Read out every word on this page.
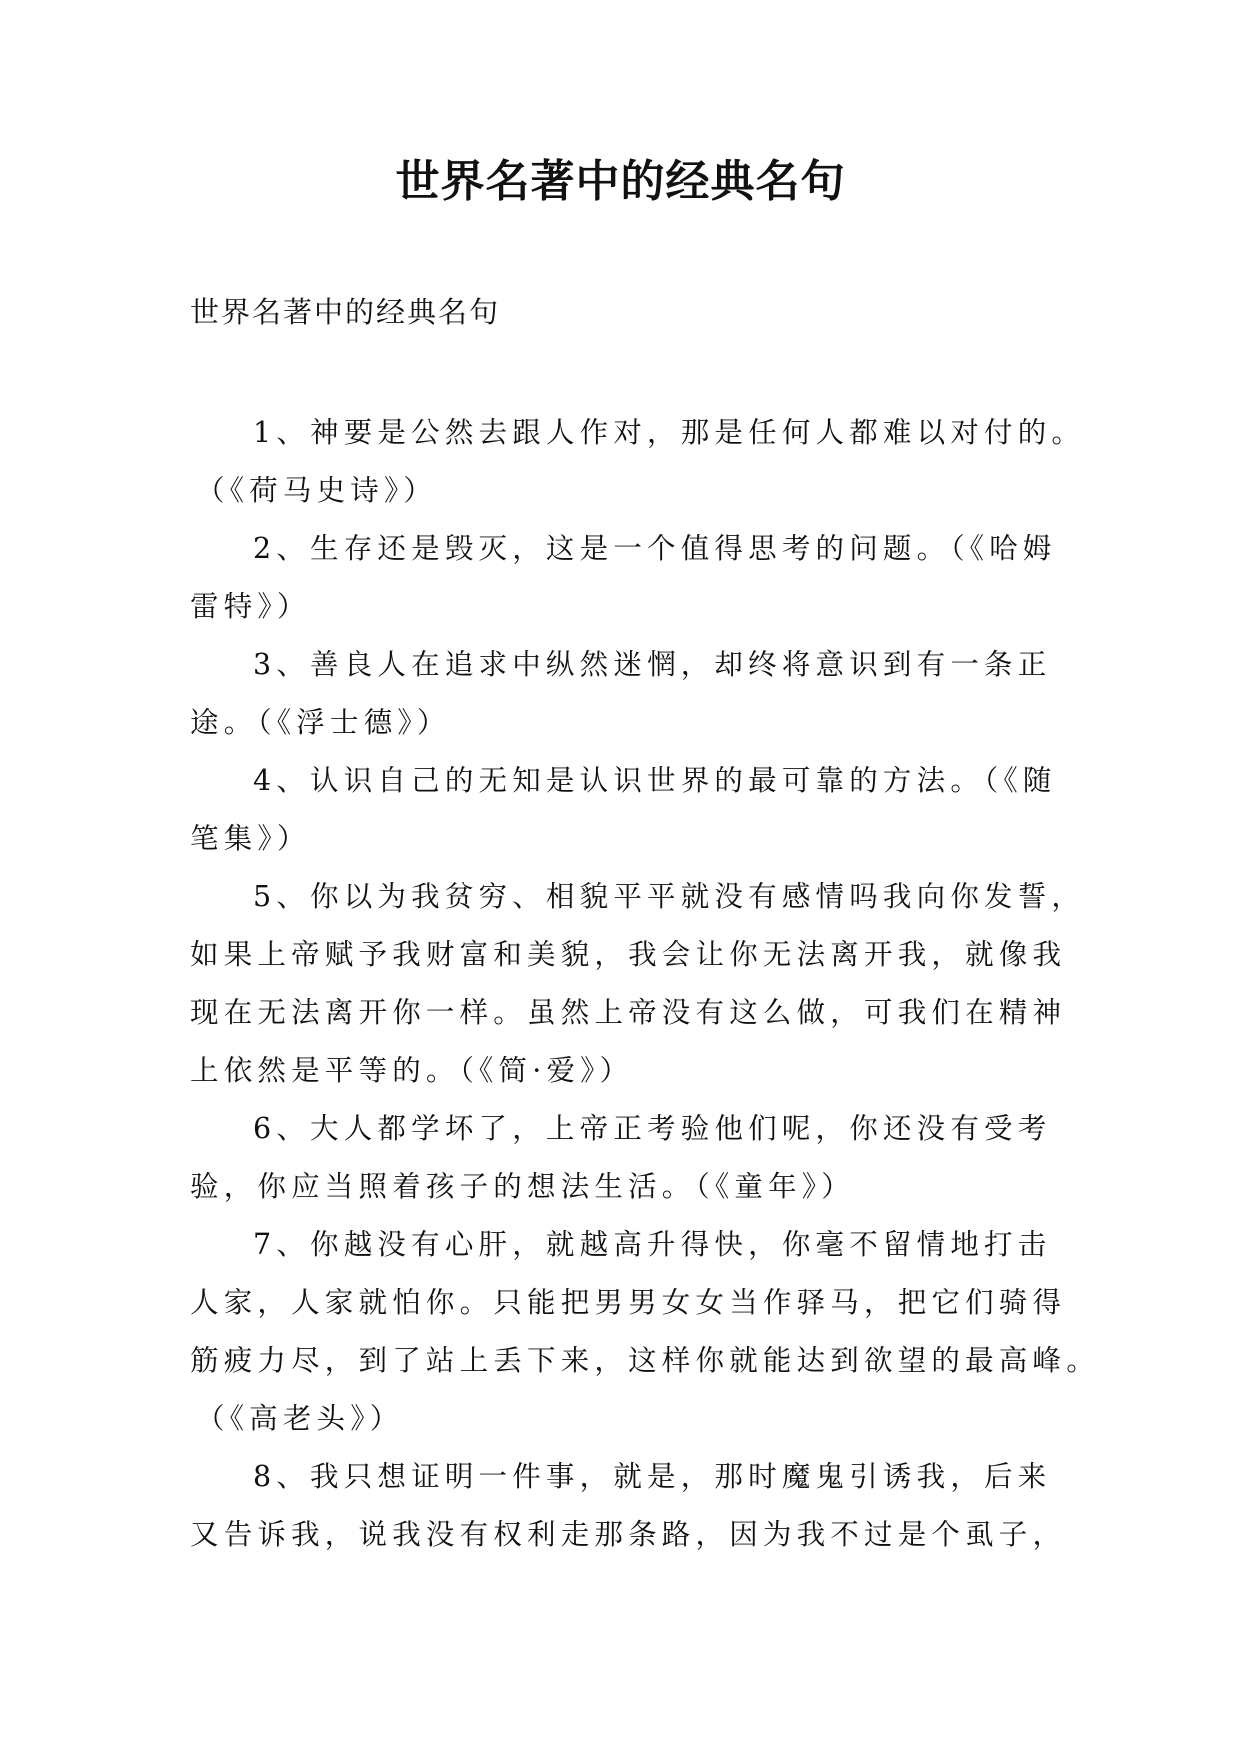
世界名著中的经典名句
世界名著中的经典名句
1、神要是公然去跟人作对，那是任何人都难以对付的。
（《荷马史诗》）
2、生存还是毁灭，这是一个值得思考的问题。（《哈姆
雷特》）
3、善良人在追求中纵然迷惘，却终将意识到有一条正
途。（《浮士德》）
4、认识自己的无知是认识世界的最可靠的方法。（《随
笔集》）
5、你以为我贫穷、相貌平平就没有感情吗我向你发誓，
如果上帝赋予我财富和美貌，我会让你无法离开我，就像我
现在无法离开你一样。虽然上帝没有这么做，可我们在精神
上依然是平等的。（《简·爱》）
6、大人都学坏了，上帝正考验他们呢，你还没有受考
验，你应当照着孩子的想法生活。（《童年》）
7、你越没有心肝，就越高升得快，你毫不留情地打击
人家，人家就怕你。只能把男男女女当作驿马，把它们骑得
筋疲力尽，到了站上丢下来，这样你就能达到欲望的最高峰。
（《高老头》）
8、我只想证明一件事，就是，那时魔鬼引诱我，后来
又告诉我，说我没有权利走那条路，因为我不过是个虱子，
